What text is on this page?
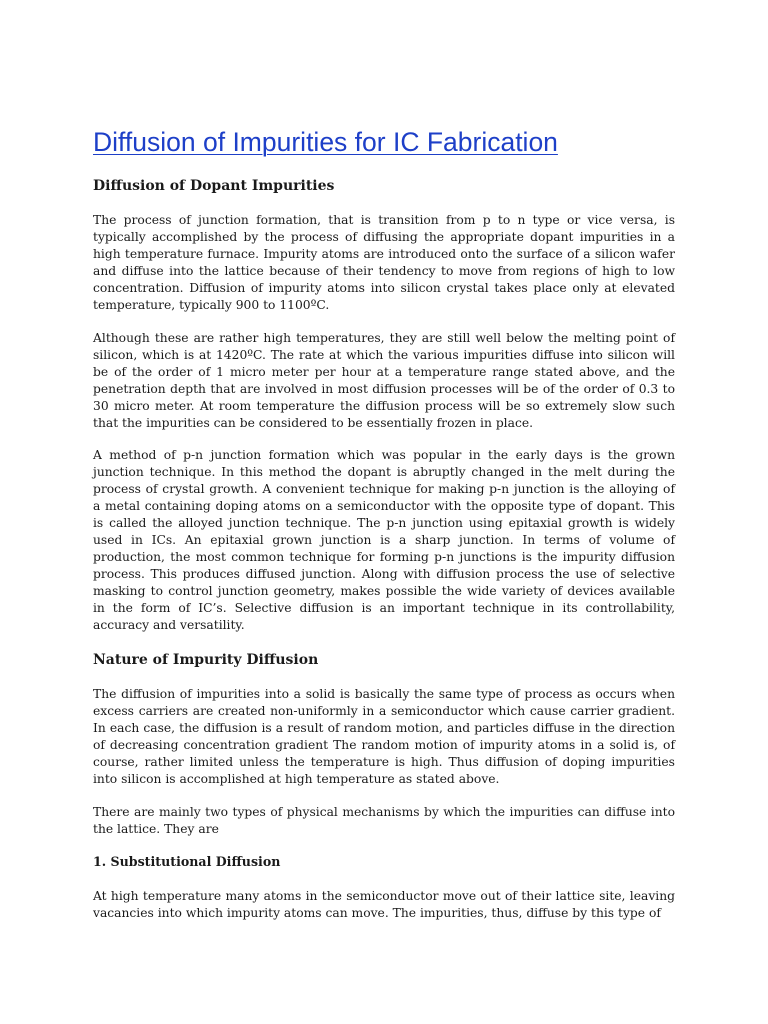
Diffusion of Impurities for IC Fabrication
Diffusion of Dopant Impurities

The process of junction formation, that is transition from p to n type or vice versa, is typically accomplished by the process of diffusing the appropriate dopant impurities in a high temperature furnace. Impurity atoms are introduced onto the surface of a silicon wafer and diffuse into the lattice because of their tendency to move from regions of high to low concentration. Diffusion of impurity atoms into silicon crystal takes place only at elevated temperature, typically 900 to 1100ºC.

Although these are rather high temperatures, they are still well below the melting point of silicon, which is at 1420ºC. The rate at which the various impurities diffuse into silicon will be of the order of 1 micro meter per hour at a temperature range stated above, and the penetration depth that are involved in most diffusion processes will be of the order of 0.3 to 30 micro meter. At room temperature the diffusion process will be so extremely slow such that the impurities can be considered to be essentially frozen in place.

A method of p-n junction formation which was popular in the early days is the grown junction technique. In this method the dopant is abruptly changed in the melt during the process of crystal growth. A convenient technique for making p-n junction is the alloying of a metal containing doping atoms on a semiconductor with the opposite type of dopant. This is called the alloyed junction technique. The p-n junction using epitaxial growth is widely used in ICs. An epitaxial grown junction is a sharp junction. In terms of volume of production, the most common technique for forming p-n junctions is the impurity diffusion process. This produces diffused junction. Along with diffusion process the use of selective masking to control junction geometry, makes possible the wide variety of devices available in the form of IC’s. Selective diffusion is an important technique in its controllability, accuracy and versatility.

Nature of Impurity Diffusion

The diffusion of impurities into a solid is basically the same type of process as occurs when excess carriers are created non-uniformly in a semiconductor which cause carrier gradient. In each case, the diffusion is a result of random motion, and particles diffuse in the direction of decreasing concentration gradient The random motion of impurity atoms in a solid is, of course, rather limited unless the temperature is high. Thus diffusion of doping impurities into silicon is accomplished at high temperature as stated above.

There are mainly two types of physical mechanisms by which the impurities can diffuse into the lattice. They are

1. Substitutional Diffusion

At high temperature many atoms in the semiconductor move out of their lattice site, leaving vacancies into which impurity atoms can move. The impurities, thus, diffuse by this type of
